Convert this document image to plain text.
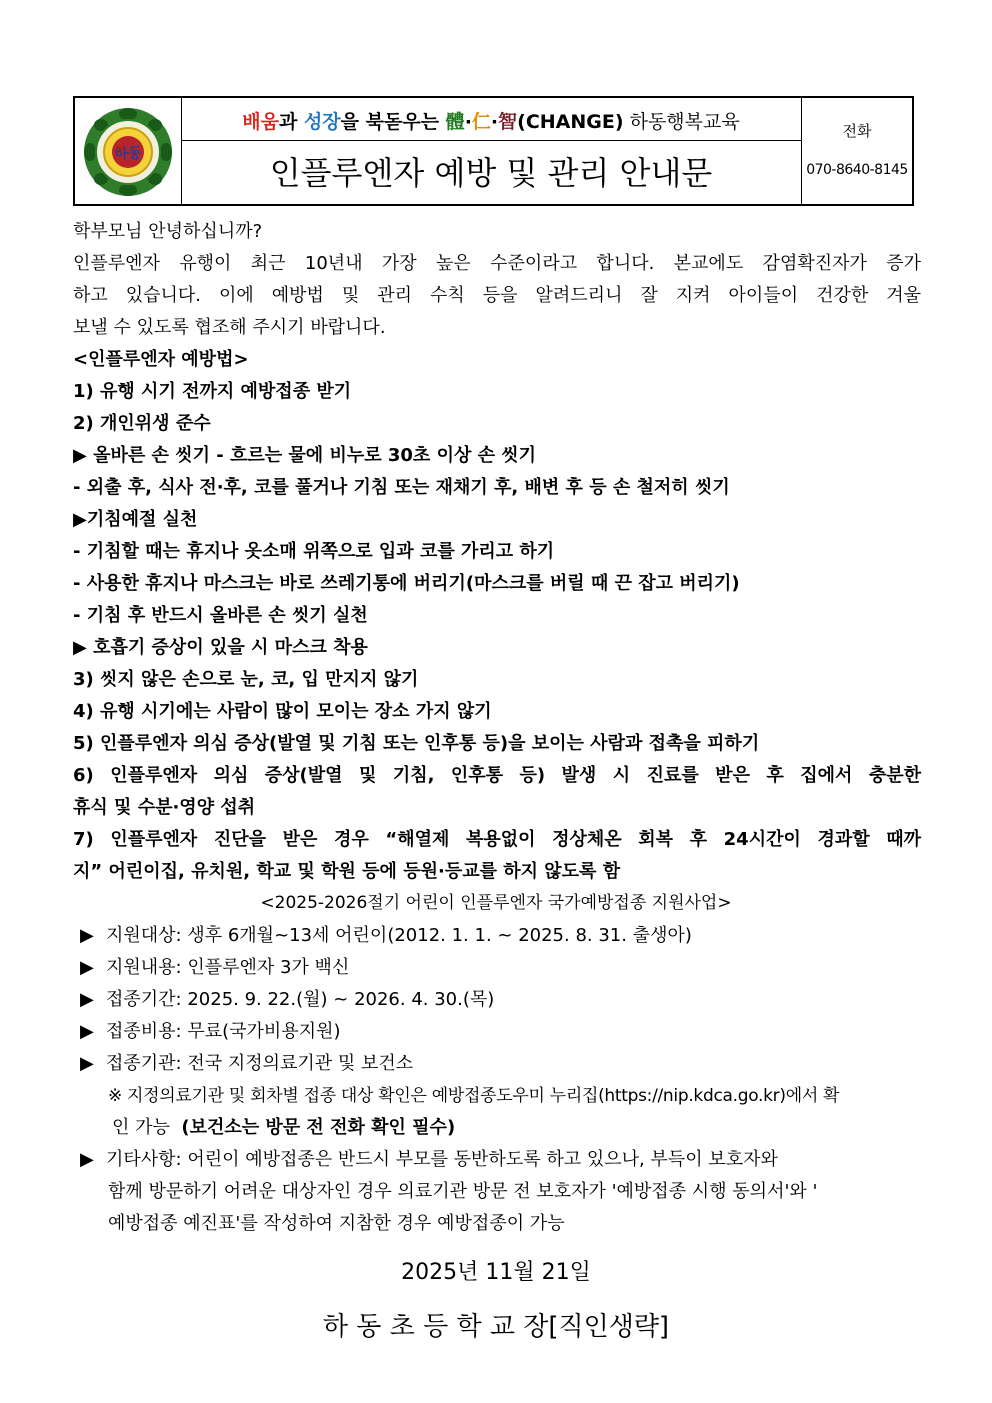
하동
배움과 성장을 북돋우는 體·仁·智(CHANGE) 하동행복교육
인플루엔자 예방 및 관리 안내문
전화
070-8640-8145
학부모님 안녕하십니까?
인플루엔자 유행이 최근 10년내 가장 높은 수준이라고 합니다. 본교에도 감염확진자가 증가
하고 있습니다. 이에 예방법 및 관리 수칙 등을 알려드리니 잘 지켜 아이들이 건강한 겨울
보낼 수 있도록 협조해 주시기 바랍니다.
<인플루엔자 예방법>
1) 유행 시기 전까지 예방접종 받기
2) 개인위생 준수
▶ 올바른 손 씻기 - 흐르는 물에 비누로 30초 이상 손 씻기
- 외출 후, 식사 전·후, 코를 풀거나 기침 또는 재채기 후, 배변 후 등 손 철저히 씻기
▶기침예절 실천
- 기침할 때는 휴지나 옷소매 위쪽으로 입과 코를 가리고 하기
- 사용한 휴지나 마스크는 바로 쓰레기통에 버리기(마스크를 버릴 때 끈 잡고 버리기)
- 기침 후 반드시 올바른 손 씻기 실천
▶ 호흡기 증상이 있을 시 마스크 착용
3) 씻지 않은 손으로 눈, 코, 입 만지지 않기
4) 유행 시기에는 사람이 많이 모이는 장소 가지 않기
5) 인플루엔자 의심 증상(발열 및 기침 또는 인후통 등)을 보이는 사람과 접촉을 피하기
6) 인플루엔자 의심 증상(발열 및 기침, 인후통 등) 발생 시 진료를 받은 후 집에서 충분한
휴식 및 수분·영양 섭취
7) 인플루엔자 진단을 받은 경우 “해열제 복용없이 정상체온 회복 후 24시간이 경과할 때까
지” 어린이집, 유치원, 학교 및 학원 등에 등원·등교를 하지 않도록 함
<2025-2026절기 어린이 인플루엔자 국가예방접종 지원사업>
▶ 지원대상: 생후 6개월~13세 어린이(2012. 1. 1. ~ 2025. 8. 31. 출생아)
▶ 지원내용: 인플루엔자 3가 백신
▶ 접종기간: 2025. 9. 22.(월) ~ 2026. 4. 30.(목)
▶ 접종비용: 무료(국가비용지원)
▶ 접종기관: 전국 지정의료기관 및 보건소
※ 지정의료기관 및 회차별 접종 대상 확인은 예방접종도우미 누리집(https://nip.kdca.go.kr)에서 확
인 가능 (보건소는 방문 전 전화 확인 필수)
▶ 기타사항: 어린이 예방접종은 반드시 부모를 동반하도록 하고 있으나, 부득이 보호자와
함께 방문하기 어려운 대상자인 경우 의료기관 방문 전 보호자가 '예방접종 시행 동의서'와 '
예방접종 예진표'를 작성하여 지참한 경우 예방접종이 가능
2025년 11월 21일
하 동 초 등 학 교 장[직인생략]
